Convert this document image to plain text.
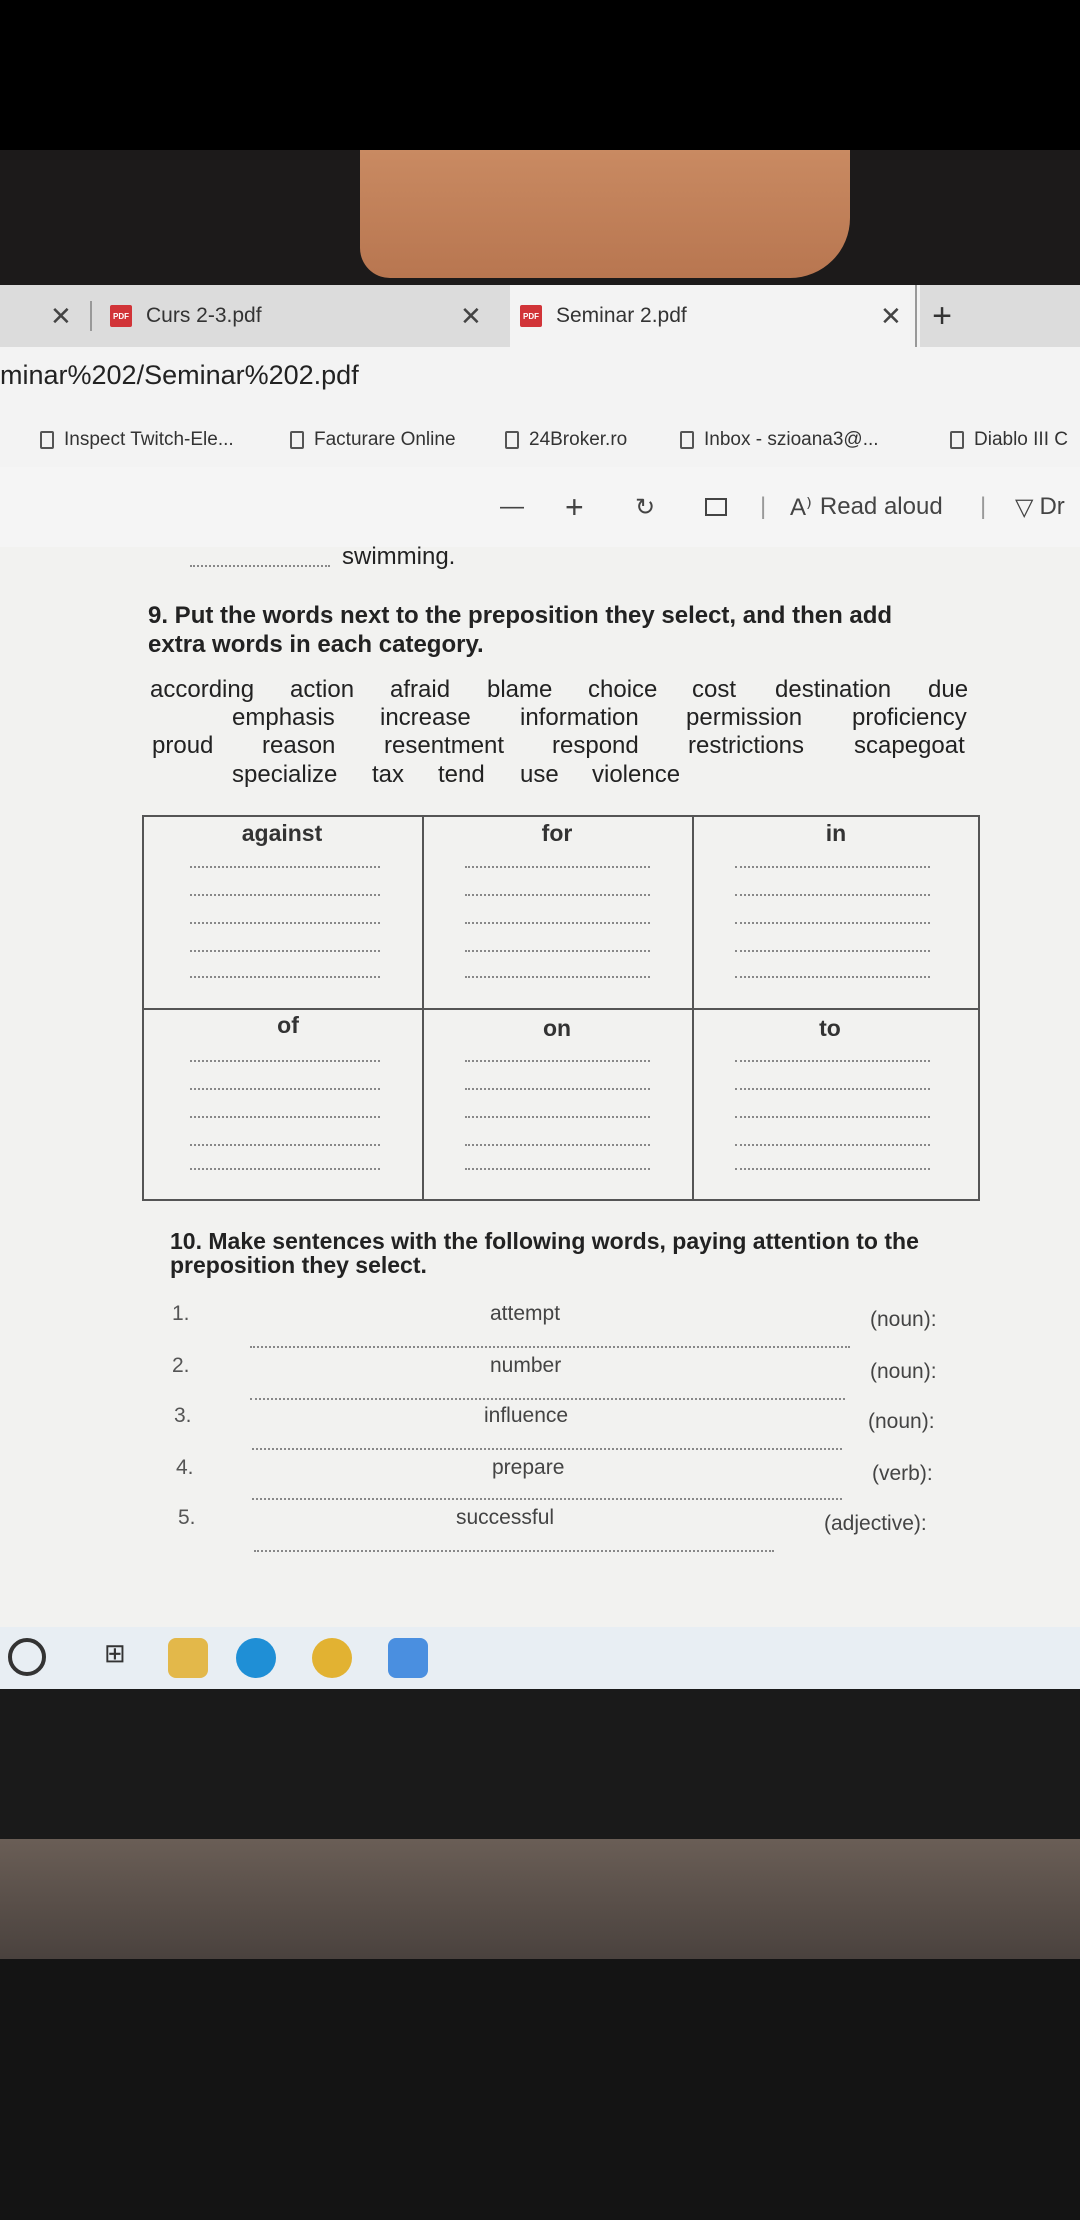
✕	PDF Curs 2-3.pdf	✕	PDF Seminar 2.pdf	✕ +
minar%202/Seminar%202.pdf
Inspect Twitch-Ele...	Facturare Online	24Broker.ro	Inbox - szioana3@...	Diablo III C
— + ↻	| A⁾ Read aloud | ▽ Dr
swimming.
9. Put the words next to the preposition they select, and then add
extra words in each category.
according action afraid blame choice cost destination due
emphasis increase information permission proficiency
proud reason resentment respond restrictions scapegoat
specialize tax tend use violence
against	for	in
of	on	to
10. Make sentences with the following words, paying attention to the
preposition they select.
1.	attempt	(noun):
2.	number	(noun):
3.	influence	(noun):
4.	prepare	(verb):
5.	successful	(adjective):
⊞
